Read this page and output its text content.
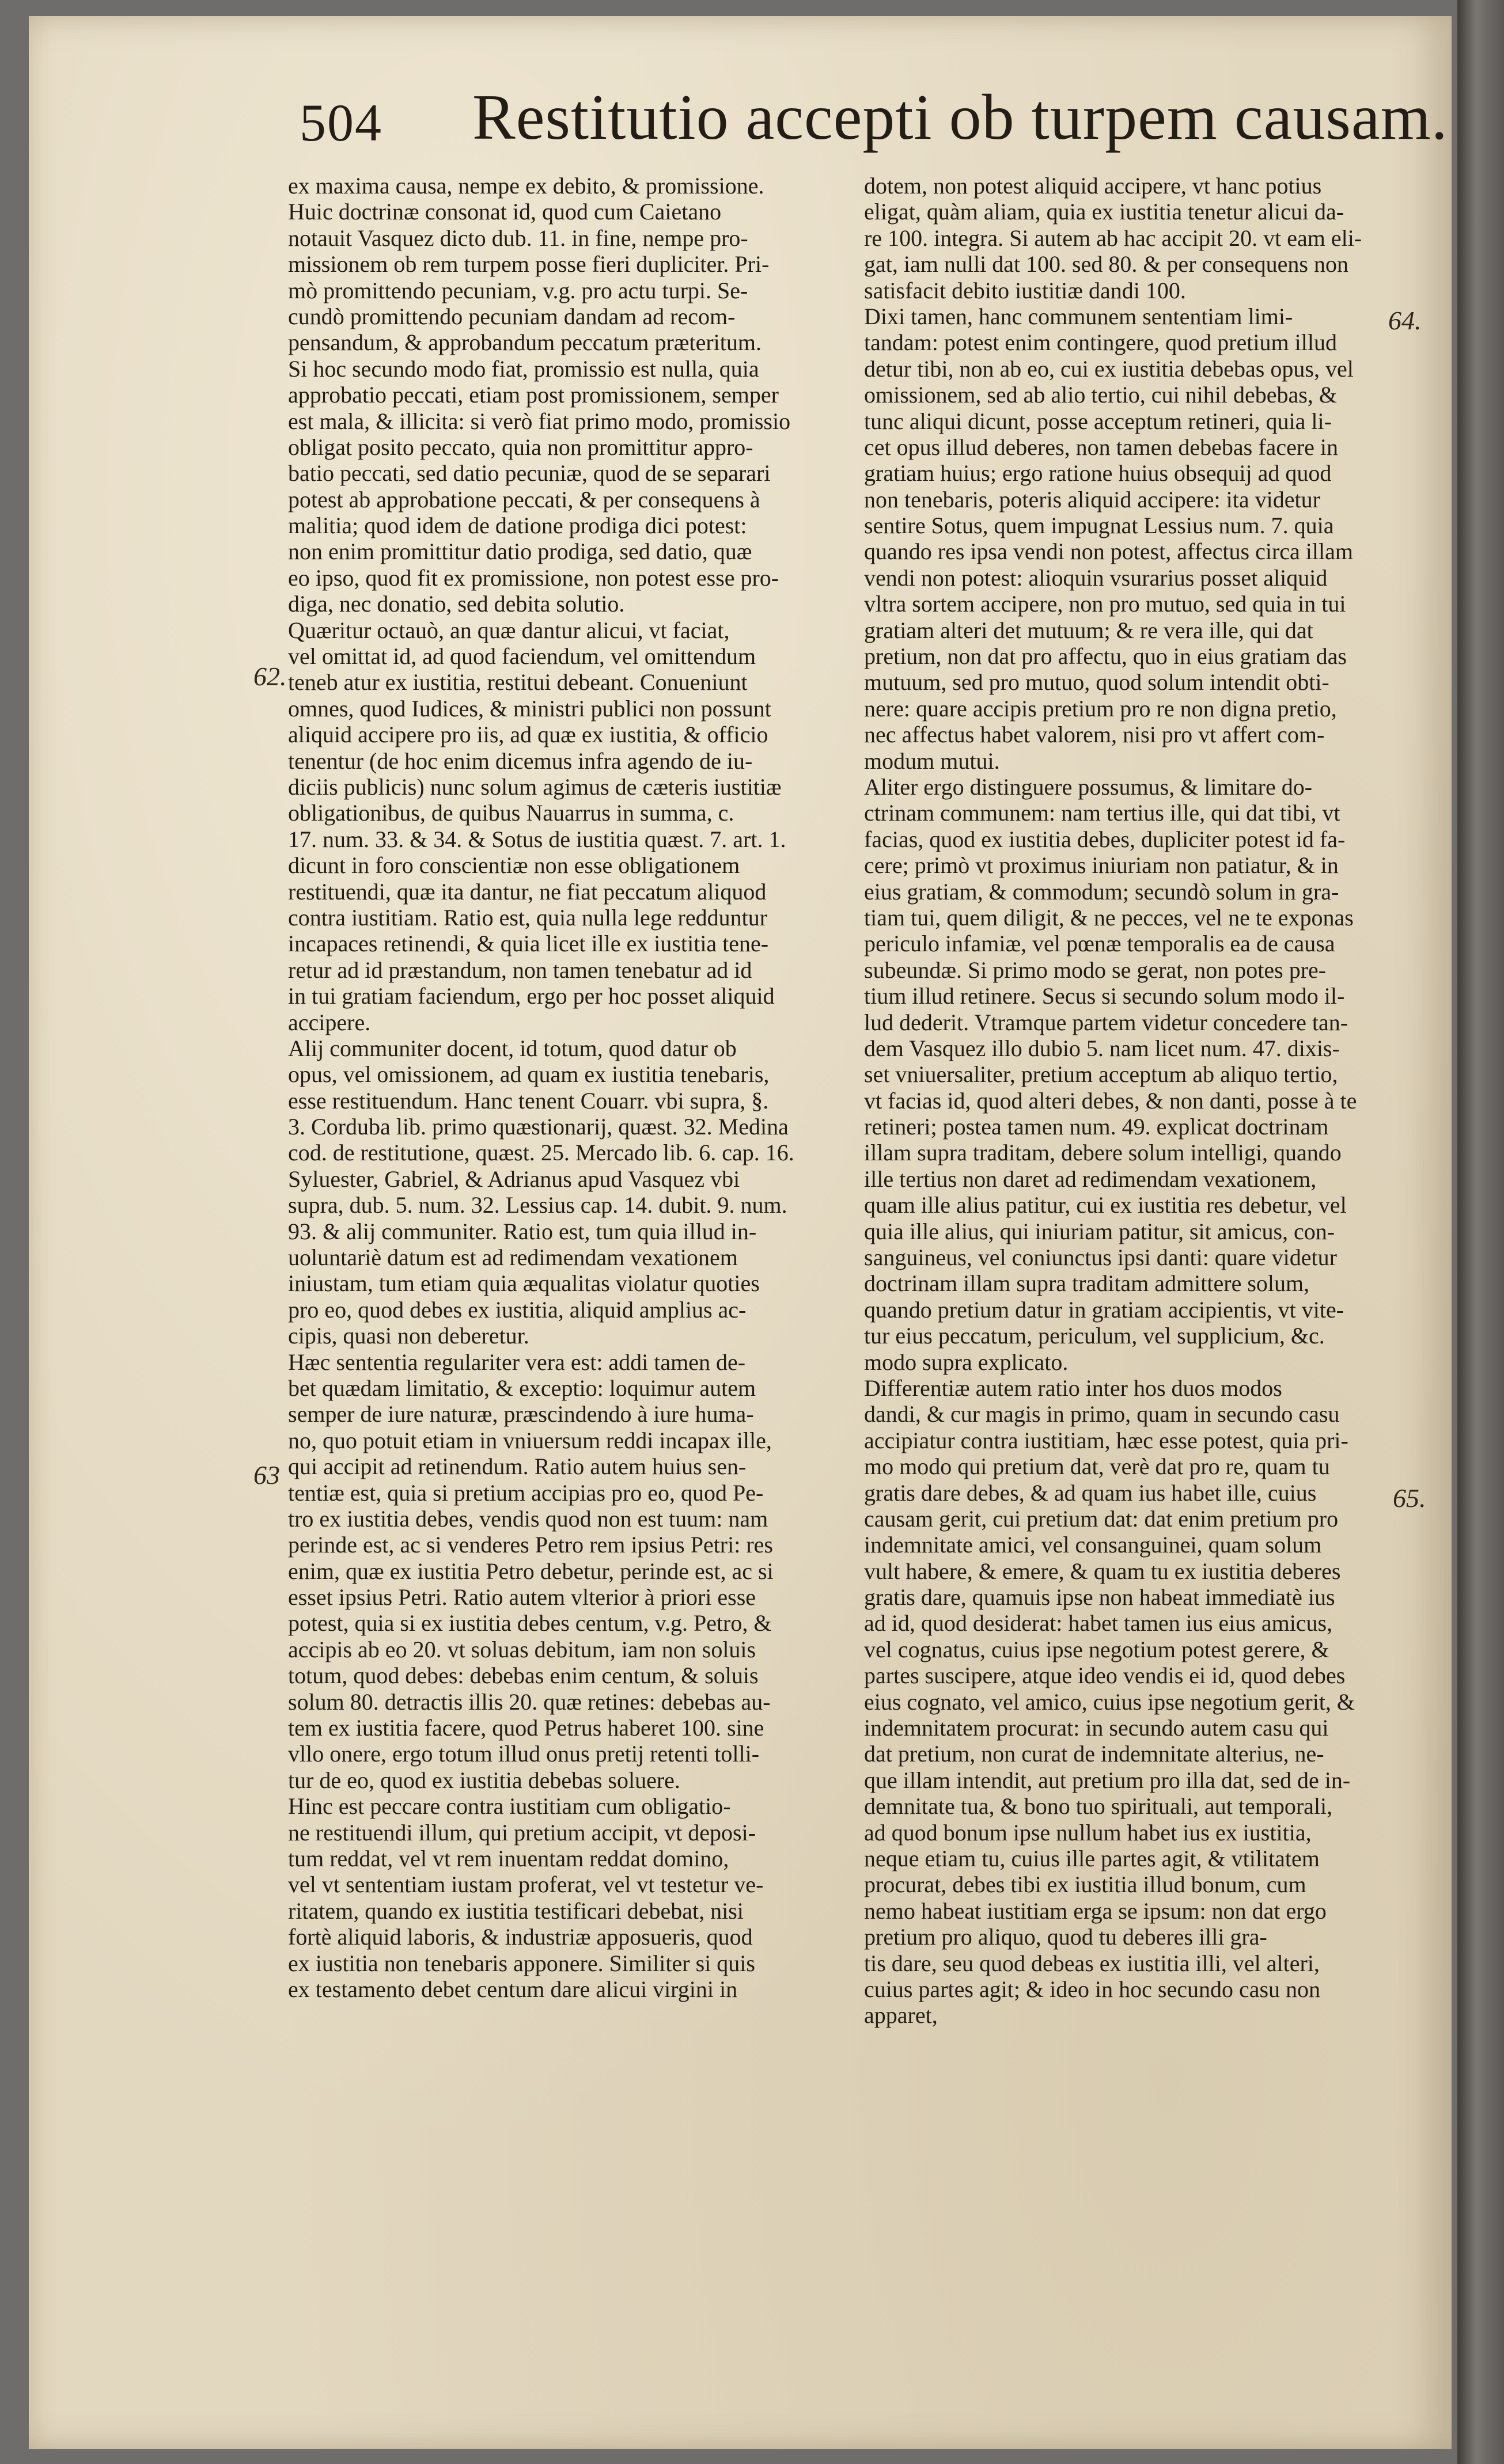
504 Restitutio accepti ob turpem causam.
62.
63
64.
65.
ex maxima causa, nempe ex debito, & promissione.
Huic doctrinæ consonat id, quod cum Caietano
notauit Vasquez dicto dub. 11. in fine, nempe pro-
missionem ob rem turpem posse fieri dupliciter. Pri-
mò promittendo pecuniam, v.g. pro actu turpi. Se-
cundò promittendo pecuniam dandam ad recom-
pensandum, & approbandum peccatum præteritum.
Si hoc secundo modo fiat, promissio est nulla, quia
approbatio peccati, etiam post promissionem, semper
est mala, & illicita: si verò fiat primo modo, promissio
obligat posito peccato, quia non promittitur appro-
batio peccati, sed datio pecuniæ, quod de se separari
potest ab approbatione peccati, & per consequens à
malitia; quod idem de datione prodiga dici potest:
non enim promittitur datio prodiga, sed datio, quæ
eo ipso, quod fit ex promissione, non potest esse pro-
diga, nec donatio, sed debita solutio.
Quæritur octauò, an quæ dantur alicui, vt faciat,
vel omittat id, ad quod faciendum, vel omittendum
teneb atur ex iustitia, restitui debeant. Conueniunt
omnes, quod Iudices, & ministri publici non possunt
aliquid accipere pro iis, ad quæ ex iustitia, & officio
tenentur (de hoc enim dicemus infra agendo de iu-
diciis publicis) nunc solum agimus de cæteris iustitiæ
obligationibus, de quibus Nauarrus in summa, c.
17. num. 33. & 34. & Sotus de iustitia quæst. 7. art. 1.
dicunt in foro conscientiæ non esse obligationem
restituendi, quæ ita dantur, ne fiat peccatum aliquod
contra iustitiam. Ratio est, quia nulla lege redduntur
incapaces retinendi, & quia licet ille ex iustitia tene-
retur ad id præstandum, non tamen tenebatur ad id
in tui gratiam faciendum, ergo per hoc posset aliquid
accipere.
Alij communiter docent, id totum, quod datur ob
opus, vel omissionem, ad quam ex iustitia tenebaris,
esse restituendum. Hanc tenent Couarr. vbi supra, §.
3. Corduba lib. primo quæstionarij, quæst. 32. Medina
cod. de restitutione, quæst. 25. Mercado lib. 6. cap. 16.
Syluester, Gabriel, & Adrianus apud Vasquez vbi
supra, dub. 5. num. 32. Lessius cap. 14. dubit. 9. num.
93. & alij communiter. Ratio est, tum quia illud in-
uoluntariè datum est ad redimendam vexationem
iniustam, tum etiam quia æqualitas violatur quoties
pro eo, quod debes ex iustitia, aliquid amplius ac-
cipis, quasi non deberetur.
Hæc sententia regulariter vera est: addi tamen de-
bet quædam limitatio, & exceptio: loquimur autem
semper de iure naturæ, præscindendo à iure huma-
no, quo potuit etiam in vniuersum reddi incapax ille,
qui accipit ad retinendum. Ratio autem huius sen-
tentiæ est, quia si pretium accipias pro eo, quod Pe-
tro ex iustitia debes, vendis quod non est tuum: nam
perinde est, ac si venderes Petro rem ipsius Petri: res
enim, quæ ex iustitia Petro debetur, perinde est, ac si
esset ipsius Petri. Ratio autem vlterior à priori esse
potest, quia si ex iustitia debes centum, v.g. Petro, &
accipis ab eo 20. vt soluas debitum, iam non soluis
totum, quod debes: debebas enim centum, & soluis
solum 80. detractis illis 20. quæ retines: debebas au-
tem ex iustitia facere, quod Petrus haberet 100. sine
vllo onere, ergo totum illud onus pretij retenti tolli-
tur de eo, quod ex iustitia debebas soluere.
Hinc est peccare contra iustitiam cum obligatio-
ne restituendi illum, qui pretium accipit, vt deposi-
tum reddat, vel vt rem inuentam reddat domino,
vel vt sententiam iustam proferat, vel vt testetur ve-
ritatem, quando ex iustitia testificari debebat, nisi
fortè aliquid laboris, & industriæ apposueris, quod
ex iustitia non tenebaris apponere. Similiter si quis
ex testamento debet centum dare alicui virgini in
dotem, non potest aliquid accipere, vt hanc potius
eligat, quàm aliam, quia ex iustitia tenetur alicui da-
re 100. integra. Si autem ab hac accipit 20. vt eam eli-
gat, iam nulli dat 100. sed 80. & per consequens non
satisfacit debito iustitiæ dandi 100.
Dixi tamen, hanc communem sententiam limi-
tandam: potest enim contingere, quod pretium illud
detur tibi, non ab eo, cui ex iustitia debebas opus, vel
omissionem, sed ab alio tertio, cui nihil debebas, &
tunc aliqui dicunt, posse acceptum retineri, quia li-
cet opus illud deberes, non tamen debebas facere in
gratiam huius; ergo ratione huius obsequij ad quod
non tenebaris, poteris aliquid accipere: ita videtur
sentire Sotus, quem impugnat Lessius num. 7. quia
quando res ipsa vendi non potest, affectus circa illam
vendi non potest: alioquin vsurarius posset aliquid
vltra sortem accipere, non pro mutuo, sed quia in tui
gratiam alteri det mutuum; & re vera ille, qui dat
pretium, non dat pro affectu, quo in eius gratiam das
mutuum, sed pro mutuo, quod solum intendit obti-
nere: quare accipis pretium pro re non digna pretio,
nec affectus habet valorem, nisi pro vt affert com-
modum mutui.
Aliter ergo distinguere possumus, & limitare do-
ctrinam communem: nam tertius ille, qui dat tibi, vt
facias, quod ex iustitia debes, dupliciter potest id fa-
cere; primò vt proximus iniuriam non patiatur, & in
eius gratiam, & commodum; secundò solum in gra-
tiam tui, quem diligit, & ne pecces, vel ne te exponas
periculo infamiæ, vel pœnæ temporalis ea de causa
subeundæ. Si primo modo se gerat, non potes pre-
tium illud retinere. Secus si secundo solum modo il-
lud dederit. Vtramque partem videtur concedere tan-
dem Vasquez illo dubio 5. nam licet num. 47. dixis-
set vniuersaliter, pretium acceptum ab aliquo tertio,
vt facias id, quod alteri debes, & non danti, posse à te
retineri; postea tamen num. 49. explicat doctrinam
illam supra traditam, debere solum intelligi, quando
ille tertius non daret ad redimendam vexationem,
quam ille alius patitur, cui ex iustitia res debetur, vel
quia ille alius, qui iniuriam patitur, sit amicus, con-
sanguineus, vel coniunctus ipsi danti: quare videtur
doctrinam illam supra traditam admittere solum,
quando pretium datur in gratiam accipientis, vt vite-
tur eius peccatum, periculum, vel supplicium, &c.
modo supra explicato.
Differentiæ autem ratio inter hos duos modos
dandi, & cur magis in primo, quam in secundo casu
accipiatur contra iustitiam, hæc esse potest, quia pri-
mo modo qui pretium dat, verè dat pro re, quam tu
gratis dare debes, & ad quam ius habet ille, cuius
causam gerit, cui pretium dat: dat enim pretium pro
indemnitate amici, vel consanguinei, quam solum
vult habere, & emere, & quam tu ex iustitia deberes
gratis dare, quamuis ipse non habeat immediatè ius
ad id, quod desiderat: habet tamen ius eius amicus,
vel cognatus, cuius ipse negotium potest gerere, &
partes suscipere, atque ideo vendis ei id, quod debes
eius cognato, vel amico, cuius ipse negotium gerit, &
indemnitatem procurat: in secundo autem casu qui
dat pretium, non curat de indemnitate alterius, ne-
que illam intendit, aut pretium pro illa dat, sed de in-
demnitate tua, & bono tuo spirituali, aut temporali,
ad quod bonum ipse nullum habet ius ex iustitia,
neque etiam tu, cuius ille partes agit, & vtilitatem
procurat, debes tibi ex iustitia illud bonum, cum
nemo habeat iustitiam erga se ipsum: non dat ergo
pretium pro aliquo, quod tu deberes illi gra-
tis dare, seu quod debeas ex iustitia illi, vel alteri,
cuius partes agit; & ideo in hoc secundo casu non
apparet,
